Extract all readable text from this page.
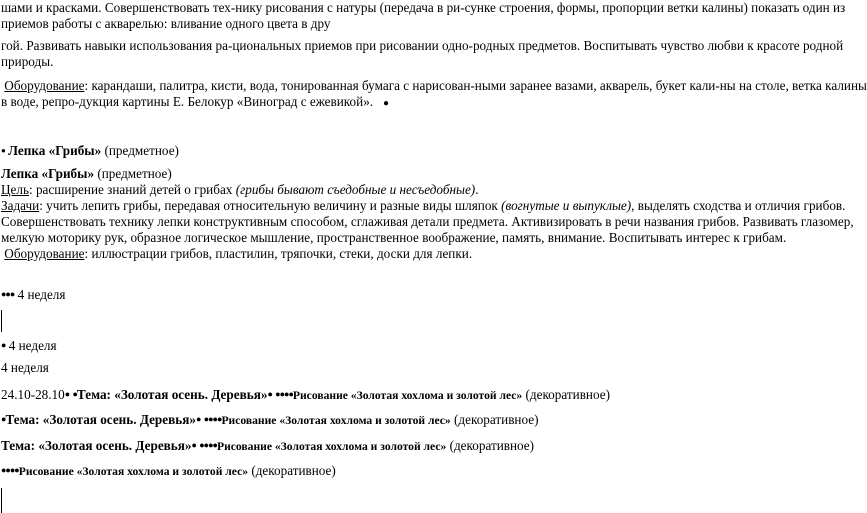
шами и красками. Совершенствовать тех-нику рисования с натуры (передача в ри-сунке строения, формы, пропорции ветки калины) показать один из
приемов работы с акварелью: вливание одного цвета в дру
гой. Развивать навыки использования ра-циональных приемов при рисовании одно-родных предметов. Воспитывать чувство любви к красоте родной
природы.
Оборудование: карандаши, палитра, кисти, вода, тонированная бумага с нарисован-ными заранее вазами, акварель, букет кали-ны на столе, ветка калины
в воде, репро-дукция картины Е. Белокур «Виноград с ежевикой». ●
● Лепка «Грибы» (предметное)
Лепка «Грибы» (предметное)
Цель: расширение знаний детей о грибах (грибы бывают съедобные и несъедобные).
Задачи: учить лепить грибы, передавая относительную величину и разные виды шляпок (вогнутые и выпуклые), выделять сходства и отличия грибов.
Совершенствовать технику лепки конструктивным способом, сглаживая детали предмета. Активизировать в речи названия грибов. Развивать глазомер,
мелкую моторику рук, образное логическое мышление, пространственное воображение, память, внимание. Воспитывать интерес к грибам.
Оборудование: иллюстрации грибов, пластилин, тряпочки, стеки, доски для лепки.
●●● 4 неделя
● 4 неделя
4 неделя
24.10-28.10● ●Тема: «Золотая осень. Деревья»● ●●●●Рисование «Золотая хохлома и золотой лес» (декоративное)
●Тема: «Золотая осень. Деревья»● ●●●●Рисование «Золотая хохлома и золотой лес» (декоративное)
Тема: «Золотая осень. Деревья»● ●●●●Рисование «Золотая хохлома и золотой лес» (декоративное)
●●●●Рисование «Золотая хохлома и золотой лес» (декоративное)
